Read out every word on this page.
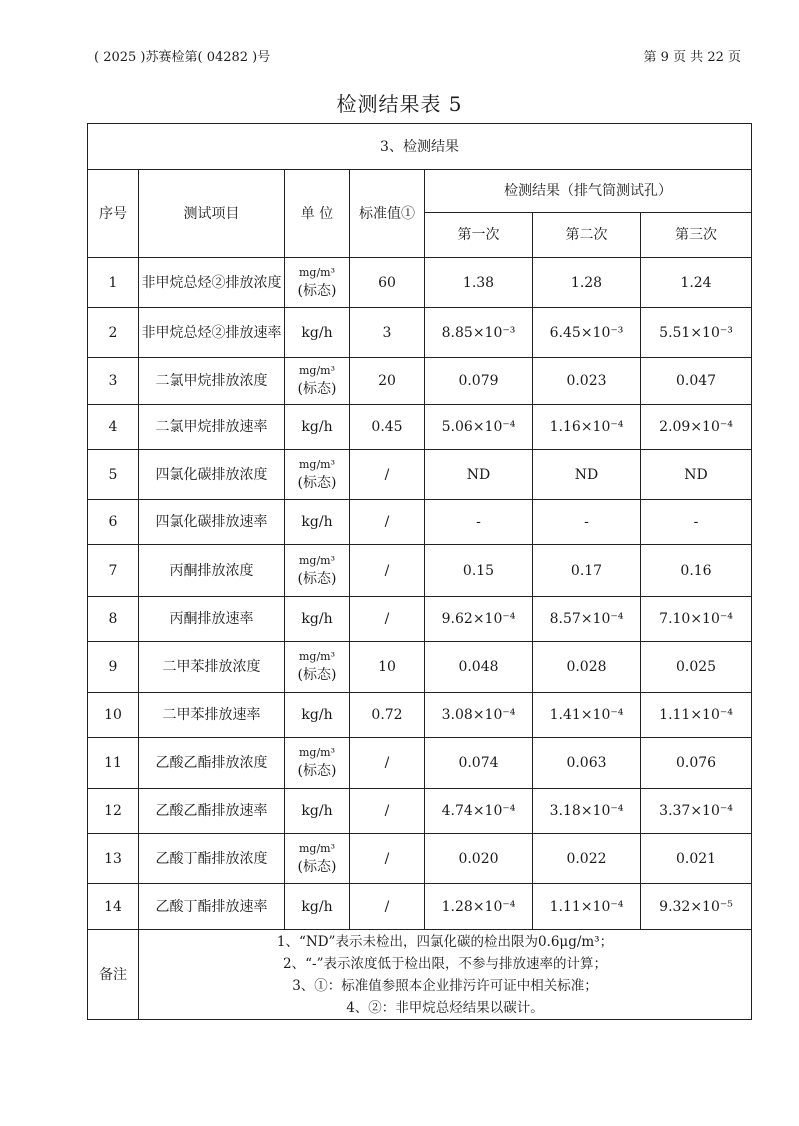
( 2025 )苏赛检第( 04282 )号	第 9 页 共 22 页
检测结果表 5
3、检测结果						
序号	测试项目	单 位	标准值①	检测结果（排气筒测试孔）		
				第一次	第二次	第三次
1	非甲烷总烃②排放浓度	mg/m³
(标态)	60	1.38	1.28	1.24
2	非甲烷总烃②排放速率	kg/h	3	8.85×10⁻³	6.45×10⁻³	5.51×10⁻³
3	二氯甲烷排放浓度	mg/m³
(标态)	20	0.079	0.023	0.047
4	二氯甲烷排放速率	kg/h	0.45	5.06×10⁻⁴	1.16×10⁻⁴	2.09×10⁻⁴
5	四氯化碳排放浓度	mg/m³
(标态)	/	ND	ND	ND
6	四氯化碳排放速率	kg/h	/	-	-	-
7	丙酮排放浓度	mg/m³
(标态)	/	0.15	0.17	0.16
8	丙酮排放速率	kg/h	/	9.62×10⁻⁴	8.57×10⁻⁴	7.10×10⁻⁴
9	二甲苯排放浓度	mg/m³
(标态)	10	0.048	0.028	0.025
10	二甲苯排放速率	kg/h	0.72	3.08×10⁻⁴	1.41×10⁻⁴	1.11×10⁻⁴
11	乙酸乙酯排放浓度	mg/m³
(标态)	/	0.074	0.063	0.076
12	乙酸乙酯排放速率	kg/h	/	4.74×10⁻⁴	3.18×10⁻⁴	3.37×10⁻⁴
13	乙酸丁酯排放浓度	mg/m³
(标态)	/	0.020	0.022	0.021
14	乙酸丁酯排放速率	kg/h	/	1.28×10⁻⁴	1.11×10⁻⁴	9.32×10⁻⁵
备注	1、“ND”表示未检出，四氯化碳的检出限为0.6μg/m³；
2、“-”表示浓度低于检出限，不参与排放速率的计算；
3、①：标准值参照本企业排污许可证中相关标准；
4、②：非甲烷总烃结果以碳计。					
